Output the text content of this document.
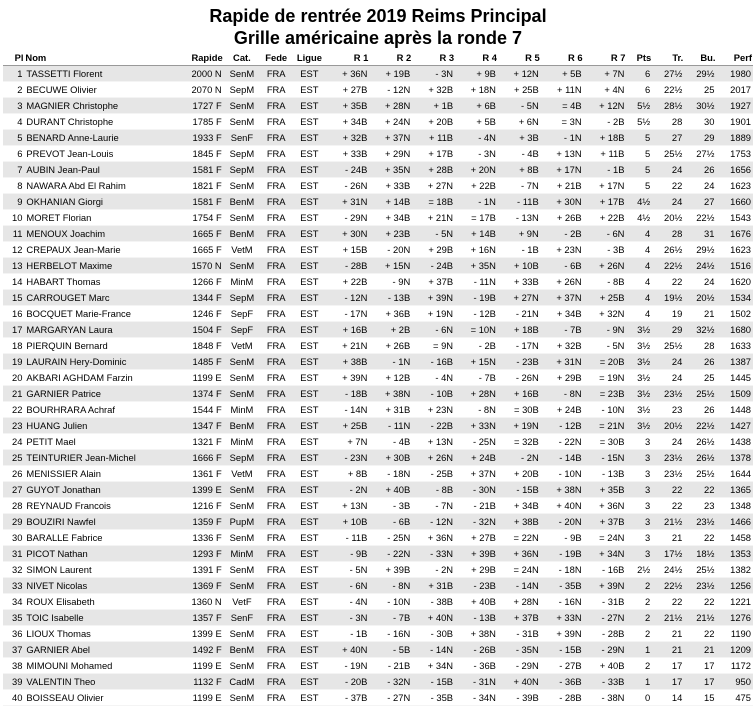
Rapide de rentrée 2019 Reims Principal
Grille américaine après la ronde 7
Pl	Nom	Rapide	Cat.	Fede	Ligue	R 1	R 2	R 3	R 4	R 5	R 6	R 7	Pts	Tr.	Bu.	Perf
1	TASSETTI Florent	2000 N	SenM	FRA	EST	+ 36N	+ 19B	- 3N	+ 9B	+ 12N	+ 5B	+ 7N	6	27½	29½	1980
2	BECUWE Olivier	2070 N	SepM	FRA	EST	+ 27B	- 12N	+ 32B	+ 18N	+ 25B	+ 11N	+ 4N	6	22½	25	2017
3	MAGNIER Christophe	1727 F	SenM	FRA	EST	+ 35B	+ 28N	+ 1B	+ 6B	- 5N	= 4B	+ 12N	5½	28½	30½	1927
4	DURANT Christophe	1785 F	SenM	FRA	EST	+ 34B	+ 24N	+ 20B	+ 5B	+ 6N	= 3N	- 2B	5½	28	30	1901
5	BENARD Anne-Laurie	1933 F	SenF	FRA	EST	+ 32B	+ 37N	+ 11B	- 4N	+ 3B	- 1N	+ 18B	5	27	29	1889
6	PREVOT Jean-Louis	1845 F	SepM	FRA	EST	+ 33B	+ 29N	+ 17B	- 3N	- 4B	+ 13N	+ 11B	5	25½	27½	1753
7	AUBIN Jean-Paul	1581 F	SepM	FRA	EST	- 24B	+ 35N	+ 28B	+ 20N	+ 8B	+ 17N	- 1B	5	24	26	1656
8	NAWARA Abd El Rahim	1821 F	SenM	FRA	EST	- 26N	+ 33B	+ 27N	+ 22B	- 7N	+ 21B	+ 17N	5	22	24	1623
9	OKHANIAN Giorgi	1581 F	BenM	FRA	EST	+ 31N	+ 14B	= 18B	- 1N	- 11B	+ 30N	+ 17B	4½	24	27	1660
10	MORET Florian	1754 F	SenM	FRA	EST	- 29N	+ 34B	+ 21N	= 17B	- 13N	+ 26B	+ 22B	4½	20½	22½	1543
11	MENOUX Joachim	1665 F	BenM	FRA	EST	+ 30N	+ 23B	- 5N	+ 14B	+ 9N	- 2B	- 6N	4	28	31	1676
12	CREPAUX Jean-Marie	1665 F	VetM	FRA	EST	+ 15B	- 20N	+ 29B	+ 16N	- 1B	+ 23N	- 3B	4	26½	29½	1623
13	HERBELOT Maxime	1570 N	SenM	FRA	EST	- 28B	+ 15N	- 24B	+ 35N	+ 10B	- 6B	+ 26N	4	22½	24½	1516
14	HABART Thomas	1266 F	MinM	FRA	EST	+ 22B	- 9N	+ 37B	- 11N	+ 33B	+ 26N	- 8B	4	22	24	1620
15	CARROUGET Marc	1344 F	SepM	FRA	EST	- 12N	- 13B	+ 39N	- 19B	+ 27N	+ 37N	+ 25B	4	19½	20½	1534
16	BOCQUET Marie-France	1246 F	SepF	FRA	EST	- 17N	+ 36B	+ 19N	- 12B	- 21N	+ 34B	+ 32N	4	19	21	1502
17	MARGARYAN Laura	1504 F	SepF	FRA	EST	+ 16B	+ 2B	- 6N	= 10N	+ 18B	- 7B	- 9N	3½	29	32½	1680
18	PIERQUIN Bernard	1848 F	VetM	FRA	EST	+ 21N	+ 26B	= 9N	- 2B	- 17N	+ 32B	- 5N	3½	25½	28	1633
19	LAURAIN Hery-Dominic	1485 F	SenM	FRA	EST	+ 38B	- 1N	- 16B	+ 15N	- 23B	+ 31N	= 20B	3½	24	26	1387
20	AKBARI AGHDAM Farzin	1199 E	SenM	FRA	EST	+ 39N	+ 12B	- 4N	- 7B	- 26N	+ 29B	= 19N	3½	24	25	1445
21	GARNIER Patrice	1374 F	SenM	FRA	EST	- 18B	+ 38N	- 10B	+ 28N	+ 16B	- 8N	= 23B	3½	23½	25½	1509
22	BOURHRARA Achraf	1544 F	MinM	FRA	EST	- 14N	+ 31B	+ 23N	- 8N	= 30B	+ 24B	- 10N	3½	23	26	1448
23	HUANG Julien	1347 F	BenM	FRA	EST	+ 25B	- 11N	- 22B	+ 33N	+ 19N	- 12B	= 21N	3½	20½	22½	1427
24	PETIT Mael	1321 F	MinM	FRA	EST	+ 7N	- 4B	+ 13N	- 25N	= 32B	- 22N	= 30B	3	24	26½	1438
25	TEINTURIER Jean-Michel	1666 F	SepM	FRA	EST	- 23N	+ 30B	+ 26N	+ 24B	- 2N	- 14B	- 15N	3	23½	26½	1378
26	MENISSIER Alain	1361 F	VetM	FRA	EST	+ 8B	- 18N	- 25B	+ 37N	+ 20B	- 10N	- 13B	3	23½	25½	1644
27	GUYOT Jonathan	1399 E	SenM	FRA	EST	- 2N	+ 40B	- 8B	- 30N	- 15B	+ 38N	+ 35B	3	22	22	1365
28	REYNAUD Francois	1216 F	SenM	FRA	EST	+ 13N	- 3B	- 7N	- 21B	+ 34B	+ 40N	+ 36N	3	22	23	1348
29	BOUZIRI Nawfel	1359 F	PupM	FRA	EST	+ 10B	- 6B	- 12N	- 32N	+ 38B	- 20N	+ 37B	3	21½	23½	1466
30	BARALLE Fabrice	1336 F	SenM	FRA	EST	- 11B	- 25N	+ 36N	+ 27B	= 22N	- 9B	= 24N	3	21	22	1458
31	PICOT Nathan	1293 F	MinM	FRA	EST	- 9B	- 22N	- 33N	+ 39B	+ 36N	- 19B	+ 34N	3	17½	18½	1353
32	SIMON Laurent	1391 F	SenM	FRA	EST	- 5N	+ 39B	- 2N	+ 29B	= 24N	- 18N	- 16B	2½	24½	25½	1382
33	NIVET Nicolas	1369 F	SenM	FRA	EST	- 6N	- 8N	+ 31B	- 23B	- 14N	- 35B	+ 39N	2	22½	23½	1256
34	ROUX Elisabeth	1360 N	VetF	FRA	EST	- 4N	- 10N	- 38B	+ 40B	+ 28N	- 16N	- 31B	2	22	22	1221
35	TOIC Isabelle	1357 F	SenF	FRA	EST	- 3N	- 7B	+ 40N	- 13B	+ 37B	+ 33N	- 27N	2	21½	21½	1276
36	LIOUX Thomas	1399 E	SenM	FRA	EST	- 1B	- 16N	- 30B	+ 38N	- 31B	+ 39N	- 28B	2	21	22	1190
37	GARNIER Abel	1492 F	BenM	FRA	EST	+ 40N	- 5B	- 14N	- 26B	- 35N	- 15B	- 29N	1	21	21	1209
38	MIMOUNI Mohamed	1199 E	SenM	FRA	EST	- 19N	- 21B	+ 34N	- 36B	- 29N	- 27B	+ 40B	2	17	17	1172
39	VALENTIN Theo	1132 F	CadM	FRA	EST	- 20B	- 32N	- 15B	- 31N	+ 40N	- 36B	- 33B	1	17	17	950
40	BOISSEAU Olivier	1199 E	SenM	FRA	EST	- 37B	- 27N	- 35B	- 34N	- 39B	- 28B	- 38N	0	14	15	475
